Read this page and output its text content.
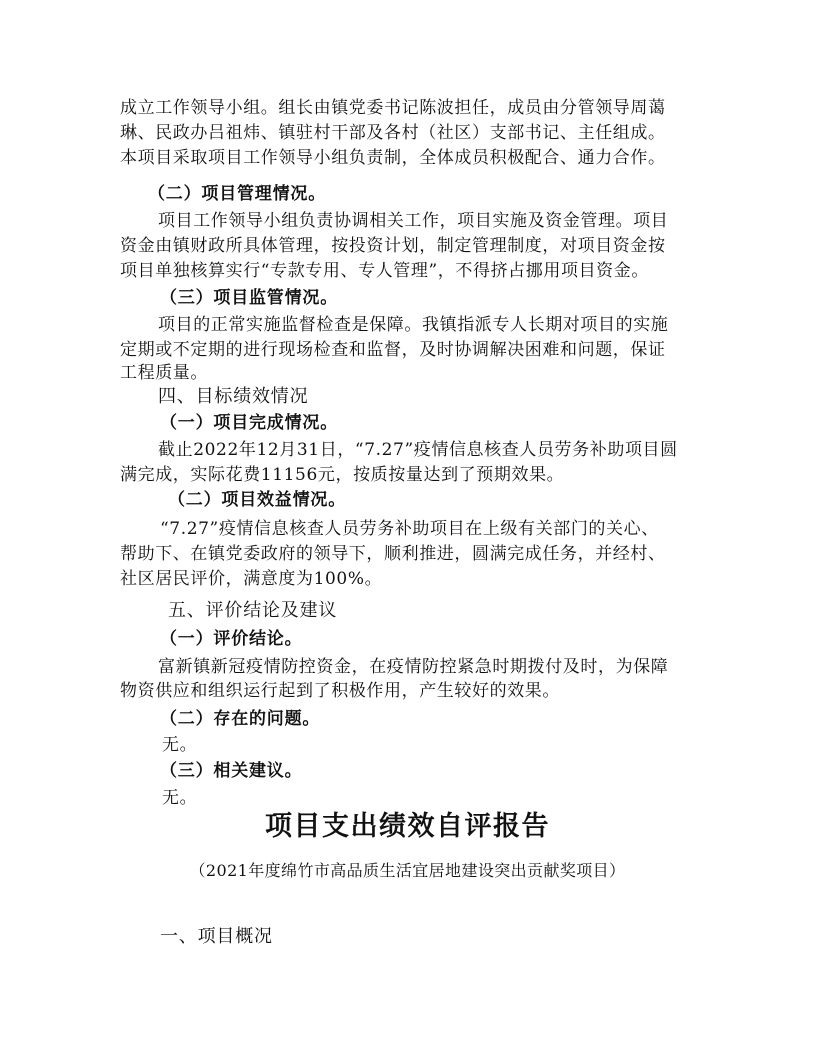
成立工作领导小组。组长由镇党委书记陈波担任，成员由分管领导周蔼
琳、民政办吕祖炜、镇驻村干部及各村（社区）支部书记、主任组成。
本项目采取项目工作领导小组负责制，全体成员积极配合、通力合作。
（二）项目管理情况。
项目工作领导小组负责协调相关工作，项目实施及资金管理。项目
资金由镇财政所具体管理，按投资计划，制定管理制度，对项目资金按
项目单独核算实行“专款专用、专人管理”，不得挤占挪用项目资金。
（三）项目监管情况。
项目的正常实施监督检查是保障。我镇指派专人长期对项目的实施
定期或不定期的进行现场检查和监督，及时协调解决困难和问题，保证
工程质量。
四、目标绩效情况
（一）项目完成情况。
截止2022年12月31日，“7.27”疫情信息核查人员劳务补助项目圆
满完成，实际花费11156元，按质按量达到了预期效果。
（二）项目效益情况。
“7.27”疫情信息核查人员劳务补助项目在上级有关部门的关心、
帮助下、在镇党委政府的领导下，顺利推进，圆满完成任务，并经村、
社区居民评价，满意度为100%。
五、评价结论及建议
（一）评价结论。
富新镇新冠疫情防控资金，在疫情防控紧急时期拨付及时，为保障
物资供应和组织运行起到了积极作用，产生较好的效果。
（二）存在的问题。
无。
（三）相关建议。
无。
项目支出绩效自评报告
（2021年度绵竹市高品质生活宜居地建设突出贡献奖项目）
一、项目概况
